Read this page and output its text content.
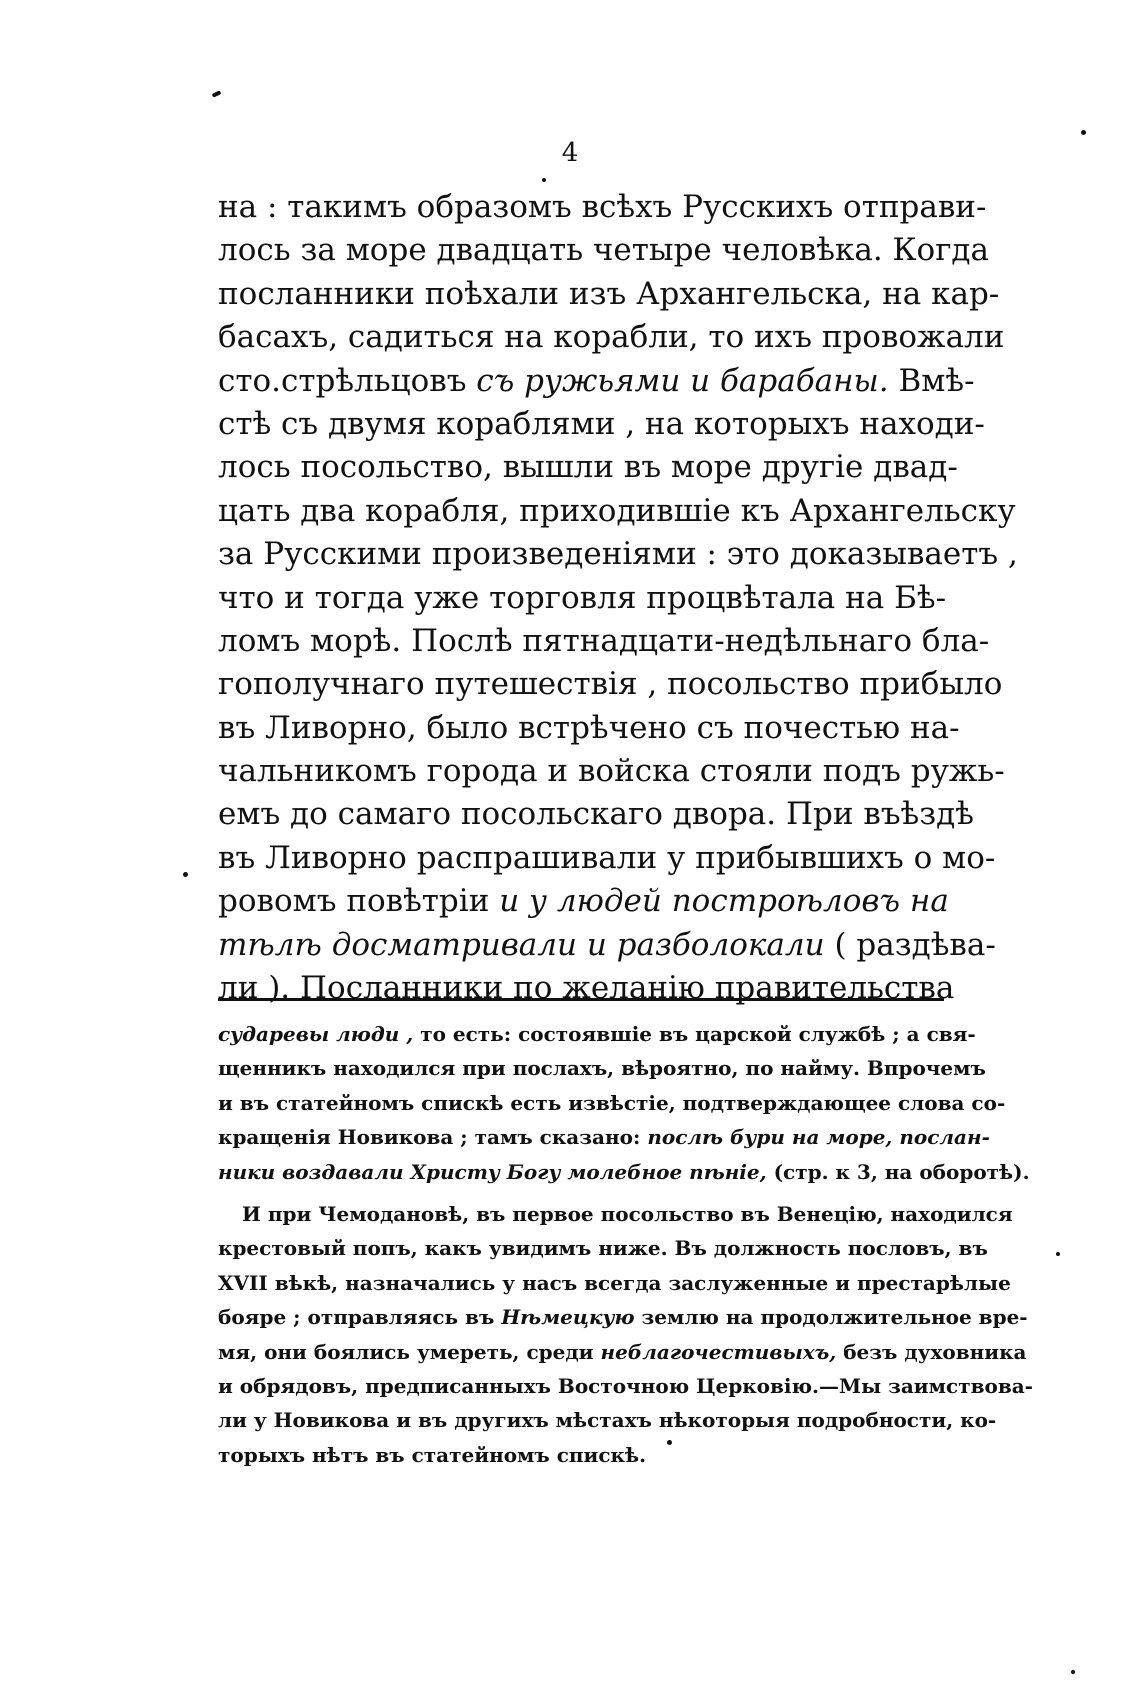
4
на : такимъ образомъ всѣхъ Русскихъ отправи-
лось за море двадцать четыре человѣка. Когда
посланники поѣхали изъ Архангельска, на кар-
басахъ, садиться на корабли, то ихъ провожали
сто.стрѣльцовъ съ ружьями и барабаны. Вмѣ-
стѣ съ двумя кораблями , на которыхъ находи-
лось посольство, вышли въ море другіе двад-
цать два корабля, приходившіе къ Архангельску
за Русскими произведеніями : это доказываетъ ,
что и тогда уже торговля процвѣтала на Бѣ-
ломъ морѣ. Послѣ пятнадцати-недѣльнаго бла-
гополучнаго путешествія , посольство прибыло
въ Ливорно, было встрѣчено съ почестью на-
чальникомъ города и войска стояли подъ ружь-
емъ до самаго посольскаго двора. При въѣздѣ
въ Ливорно распрашивали у прибывшихъ о мо-
ровомъ повѣтріи и у людей построѣловъ на
тѣлѣ досматривали и разболокали ( раздѣва-
ли ). Посланники по желанію правительства
сударевы люди , то есть: состоявшіе въ царской службѣ ; а свя-
щенникъ находился при послахъ, вѣроятно, по найму. Впрочемъ
и въ статейномъ спискѣ есть извѣстіе, подтверждающее слова со-
кращенія Новикова ; тамъ сказано: послѣ бури на море, послан-
ники воздавали Христу Богу молебное пѣніе, (стр. к 3, на оборотѣ).
И при Чемодановѣ, въ первое посольство въ Венецію, находился
крестовый попъ, какъ увидимъ ниже. Въ должность пословъ, въ
XVII вѣкѣ, назначались у насъ всегда заслуженные и престарѣлые
бояре ; отправляясь въ Нѣмецкую землю на продолжительное вре-
мя, они боялись умереть, среди неблагочестивыхъ, безъ духовника
и обрядовъ, предписанныхъ Восточною Церковію.—Мы заимствова-
ли у Новикова и въ другихъ мѣстахъ нѣкоторыя подробности, ко-
торыхъ нѣтъ въ статейномъ спискѣ.
